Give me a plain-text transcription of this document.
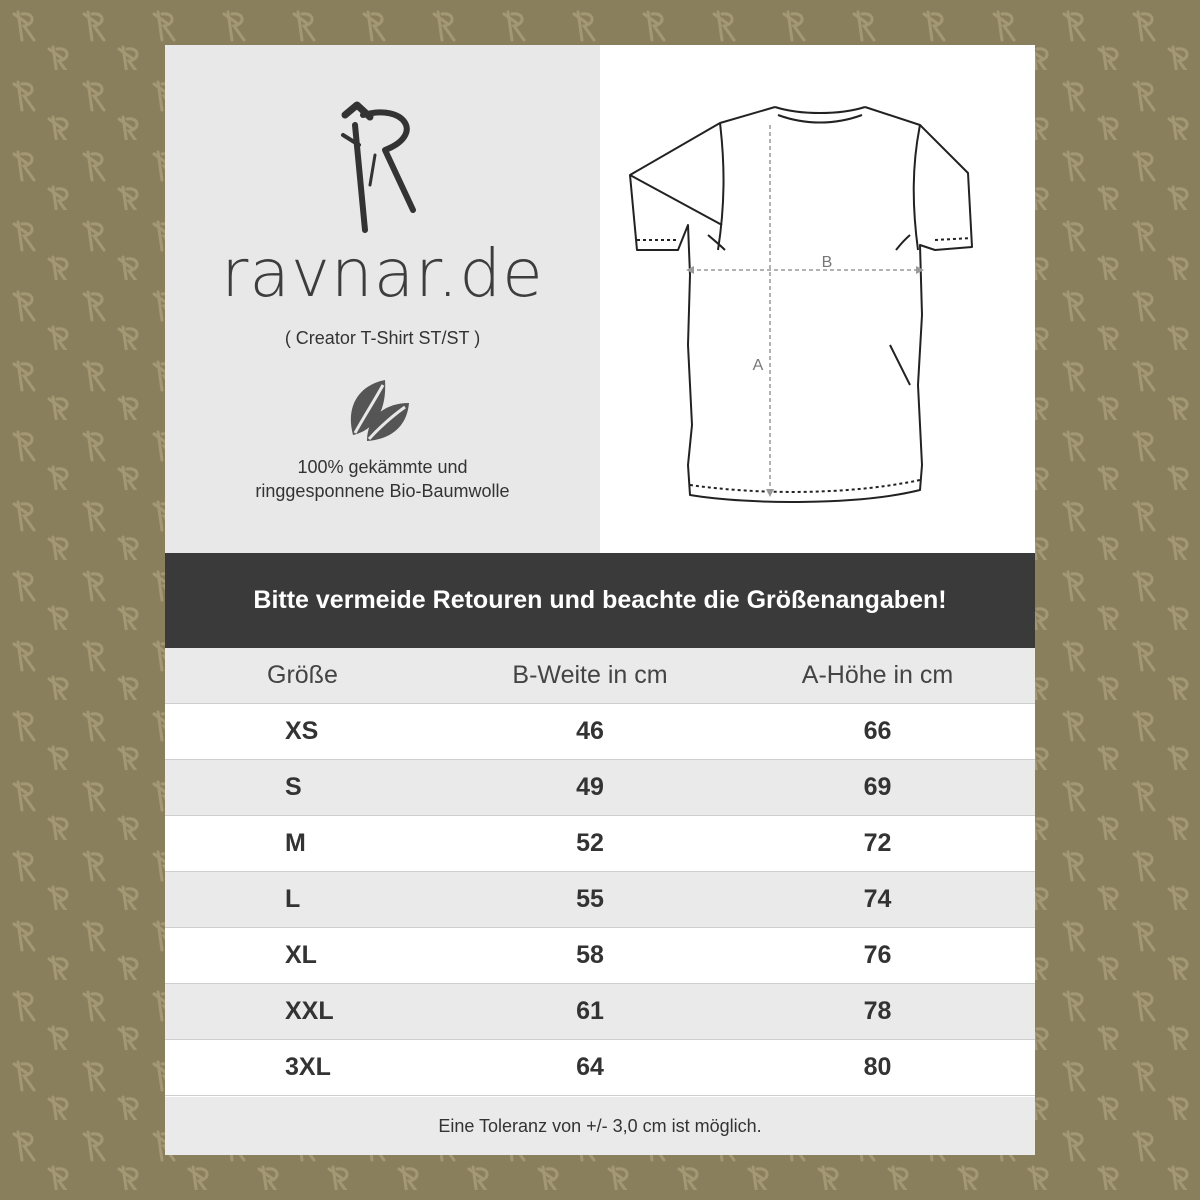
ravnar.de
( Creator T-Shirt ST/ST )
100% gekämmte und
ringgesponnene Bio-Baumwolle
B
A
Bitte vermeide Retouren und beachte die Größenangaben!
Größe	B-Weite in cm	A-Höhe in cm
XS	46	66
S	49	69
M	52	72
L	55	74
XL	58	76
XXL	61	78
3XL	64	80
Eine Toleranz von +/- 3,0 cm ist möglich.
